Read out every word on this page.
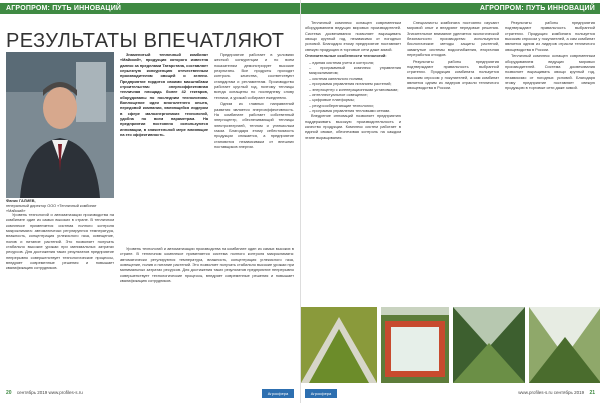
АГРОПРОМ: ПУТЬ ИННОВАЦИЙ
РЕЗУЛЬТАТЫ ВПЕЧАТЛЯЮТ
Фанис ГАЛИЕВ,
генеральный директор ООО «Тепличный комбинат «Майский»

Знаменитый тепличный комбинат «Майский», продукция которого известна далеко за пределами Татарстана, составляет серьезную конкуренцию отечественным производителям овощей и зелени. Предприятие гордится своими масштабами строительства: энергоэффективная тепличная площадь более 42 гектаров, оборудованы по последним технологиям. Воплощение идеи многолетнего опыта, передовой компании, являющейся лидером в сфере малоэнергоемких технологий, удобна по всем параметрам. На предприятии постоянно используются инновации, в значительной мере влияющие на его эффективность.

Предприятие работает в условиях жесткой конкуренции и по всем показателям демонстрирует высокие результаты. Все продукты проходят контроль качества, соответствуют стандартам и регламентам. Производство работает круглый год, поэтому теплицы всегда оснащены по последнему слову техники, а урожай собирают ежедневно.

Одним из главных направлений развития является энергоэффективность. На комбинате работает собственный энергоцентр, обеспечивающий теплицы электроэнергией, теплом и углекислым газом. Благодаря этому себестоимость продукции снижается, а предприятие становится независимым от внешних поставщиков энергии.

Уровень технологий и автоматизации производства на комбинате один из самых высоких в стране. В тепличном комплексе применяется система полного контроля микроклимата: автоматически регулируются температура, влажность, концентрация углекислого газа, освещение, полив и питание растений. Это позволяет получать стабильно высокие урожаи при минимальных затратах ресурсов. Для достижения таких результатов предприятие непрерывно совершенствует технологические процессы, внедряет современные решения и повышает квалификацию сотрудников.

Уровень технологий и автоматизации производства на комбинате один из самых высоких в стране. В тепличном комплексе применяется система полного контроля микроклимата: автоматически регулируются температура, влажность, концентрация углекислого газа, освещение, полив и питание растений. Это позволяет получать стабильно высокие урожаи при минимальных затратах ресурсов. Для достижения таких результатов предприятие непрерывно совершенствует технологические процессы, внедряет современные решения и повышает квалификацию сотрудников.

20 сентябрь 2019 www.profiles-s.ru	Агросфера
АГРОПРОМ: ПУТЬ ИННОВАЦИЙ

Тепличный комплекс оснащен современным оборудованием ведущих мировых производителей. Система досвечивания позволяет выращивать овощи круглый год, независимо от погодных условий. Благодаря этому предприятие поставляет свежую продукцию в торговые сети даже зимой.

Отличительные особенности технологий:

– единая система учета и контроля;
– программный комплекс управления микроклиматом;
– система капельного полива;
– программа управления питанием растений;
– энергоцентр с когенерационными установками;
– интеллектуальное освещение;
– цифровые платформы;
– ресурсосберегающие технологии;
– программа управления тепловыми сетями.

Внедрение инноваций позволяет предприятию поддерживать высокую производительность и качество продукции. Комплекс систем работает в единой связке, обеспечивая контроль на каждом этапе выращивания.

Специалисты комбината постоянно изучают мировой опыт и внедряют передовые решения. Значительное внимание уделяется экологической безопасности производства: используются биологические методы защиты растений, замкнутые системы водоснабжения, вторичная переработка отходов.

Результаты работы предприятия подтверждают правильность выбранной стратегии. Продукция комбината пользуется высоким спросом у покупателей, а сам комбинат является одним из лидеров отрасли тепличного овощеводства в России.

Результаты работы предприятия подтверждают правильность выбранной стратегии. Продукция комбината пользуется высоким спросом у покупателей, а сам комбинат является одним из лидеров отрасли тепличного овощеводства в России.

Тепличный комплекс оснащен современным оборудованием ведущих мировых производителей. Система досвечивания позволяет выращивать овощи круглый год, независимо от погодных условий. Благодаря этому предприятие поставляет свежую продукцию в торговые сети даже зимой.

www.profiles-s.ru сентябрь 2019 21
Агросфера
